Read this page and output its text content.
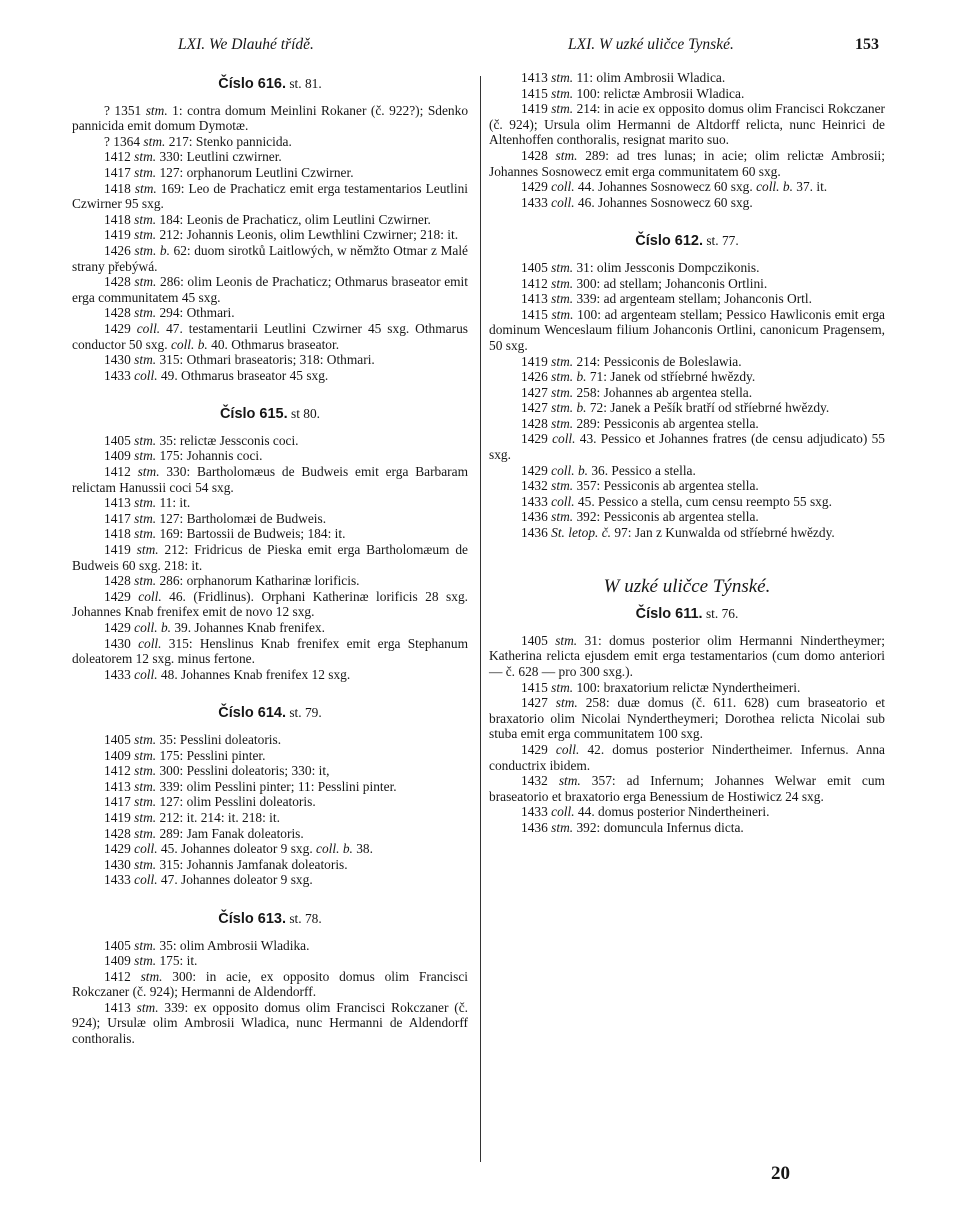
LXI. We Dlauhé třídě.	LXI. W uzké uličce Tynské.	153
Číslo 616. st. 81.

? 1351 stm. 1: contra domum Meinlini Rokaner (č. 922?); Sdenko pannicida emit domum Dymotæ.

? 1364 stm. 217: Stenko pannicida.

1412 stm. 330: Leutlini czwirner.

1417 stm. 127: orphanorum Leutlini Czwirner.

1418 stm. 169: Leo de Prachaticz emit erga testamentarios Leutlini Czwirner 95 sxg.

1418 stm. 184: Leonis de Prachaticz, olim Leutlini Czwirner.

1419 stm. 212: Johannis Leonis, olim Lewthlini Czwirner; 218: it.

1426 stm. b. 62: duom sirotků Laitlowých, w němžto Otmar z Malé strany přebýwá.

1428 stm. 286: olim Leonis de Prachaticz; Othmarus braseator emit erga communitatem 45 sxg.

1428 stm. 294: Othmari.

1429 coll. 47. testamentarii Leutlini Czwirner 45 sxg. Othmarus conductor 50 sxg. coll. b. 40. Othmarus braseator.

1430 stm. 315: Othmari braseatoris; 318: Othmari.

1433 coll. 49. Othmarus braseator 45 sxg.

Číslo 615. st 80.

1405 stm. 35: relictæ Jessconis coci.

1409 stm. 175: Johannis coci.

1412 stm. 330: Bartholomæus de Budweis emit erga Barbaram relictam Hanussii coci 54 sxg.

1413 stm. 11: it.

1417 stm. 127: Bartholomæi de Budweis.

1418 stm. 169: Bartossii de Budweis; 184: it.

1419 stm. 212: Fridricus de Pieska emit erga Bartholomæum de Budweis 60 sxg. 218: it.

1428 stm. 286: orphanorum Katharinæ lorificis.

1429 coll. 46. (Fridlinus). Orphani Katherinæ lorificis 28 sxg. Johannes Knab frenifex emit de novo 12 sxg.

1429 coll. b. 39. Johannes Knab frenifex.

1430 coll. 315: Henslinus Knab frenifex emit erga Stephanum doleatorem 12 sxg. minus fertone.

1433 coll. 48. Johannes Knab frenifex 12 sxg.

Číslo 614. st. 79.

1405 stm. 35: Pesslini doleatoris.

1409 stm. 175: Pesslini pinter.

1412 stm. 300: Pesslini doleatoris; 330: it,

1413 stm. 339: olim Pesslini pinter; 11: Pesslini pinter.

1417 stm. 127: olim Pesslini doleatoris.

1419 stm. 212: it. 214: it. 218: it.

1428 stm. 289: Jam Fanak doleatoris.

1429 coll. 45. Johannes doleator 9 sxg. coll. b. 38.

1430 stm. 315: Johannis Jamfanak doleatoris.

1433 coll. 47. Johannes doleator 9 sxg.

Číslo 613. st. 78.

1405 stm. 35: olim Ambrosii Wladika.

1409 stm. 175: it.

1412 stm. 300: in acie, ex opposito domus olim Francisci Rokczaner (č. 924); Hermanni de Aldendorff.

1413 stm. 339: ex opposito domus olim Francisci Rokczaner (č. 924); Ursulæ olim Ambrosii Wladica, nunc Hermanni de Aldendorff conthoralis.

1413 stm. 11: olim Ambrosii Wladica.

1415 stm. 100: relictæ Ambrosii Wladica.

1419 stm. 214: in acie ex opposito domus olim Francisci Rokczaner (č. 924); Ursula olim Hermanni de Altdorff relicta, nunc Heinrici de Altenhoffen conthoralis, resignat marito suo.

1428 stm. 289: ad tres lunas; in acie; olim relictæ Ambrosii; Johannes Sosnowecz emit erga communitatem 60 sxg.

1429 coll. 44. Johannes Sosnowecz 60 sxg. coll. b. 37. it.

1433 coll. 46. Johannes Sosnowecz 60 sxg.

Číslo 612. st. 77.

1405 stm. 31: olim Jessconis Dompczikonis.

1412 stm. 300: ad stellam; Johanconis Ortlini.

1413 stm. 339: ad argenteam stellam; Johanconis Ortl.

1415 stm. 100: ad argenteam stellam; Pessico Hawliconis emit erga dominum Wenceslaum filium Johanconis Ortlini, canonicum Pragensem, 50 sxg.

1419 stm. 214: Pessiconis de Boleslawia.

1426 stm. b. 71: Janek od stříebrné hwězdy.

1427 stm. 258: Johannes ab argentea stella.

1427 stm. b. 72: Janek a Pešík bratří od stříebrné hwězdy.

1428 stm. 289: Pessiconis ab argentea stella.

1429 coll. 43. Pessico et Johannes fratres (de censu adjudicato) 55 sxg.

1429 coll. b. 36. Pessico a stella.

1432 stm. 357: Pessiconis ab argentea stella.

1433 coll. 45. Pessico a stella, cum censu reempto 55 sxg.

1436 stm. 392: Pessiconis ab argentea stella.

1436 St. letop. č. 97: Jan z Kunwalda od stříebrné hwězdy.

W uzké uličce Týnské.
Číslo 611. st. 76.

1405 stm. 31: domus posterior olim Hermanni Nindertheymer; Katherina relicta ejusdem emit erga testamentarios (cum domo anteriori — č. 628 — pro 300 sxg.).

1415 stm. 100: braxatorium relictæ Nyndertheimeri.

1427 stm. 258: duæ domus (č. 611. 628) cum braseatorio et braxatorio olim Nicolai Nyndertheymeri; Dorothea relicta Nicolai sub stuba emit erga communitatem 100 sxg.

1429 coll. 42. domus posterior Nindertheimer. Infernus. Anna conductrix ibidem.

1432 stm. 357: ad Infernum; Johannes Welwar emit cum braseatorio et braxatorio erga Benessium de Hostiwicz 24 sxg.

1433 coll. 44. domus posterior Nindertheineri.

1436 stm. 392: domuncula Infernus dicta.

20
